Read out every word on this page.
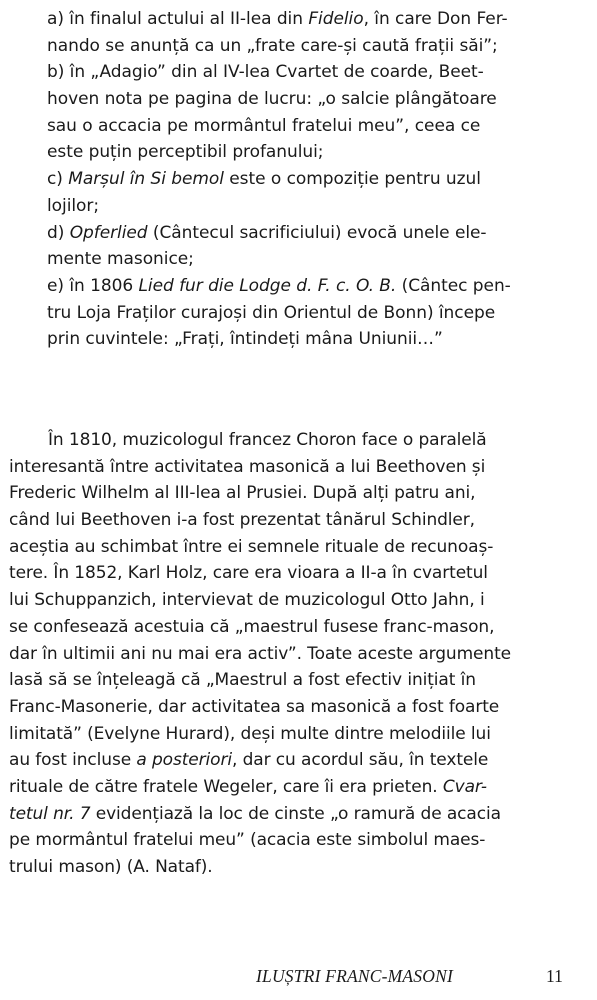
a) în finalul actului al II-lea din Fidelio, în care Don Fer-
nando se anunță ca un „frate care-și caută frații săi”;
b) în „Adagio” din al IV-lea Cvartet de coarde, Beet-
hoven nota pe pagina de lucru: „o salcie plângătoare
sau o accacia pe mormântul fratelui meu”, ceea ce
este puțin perceptibil profanului;
c) Marșul în Si bemol este o compoziție pentru uzul
lojilor;
d) Opferlied (Cântecul sacrificiului) evocă unele ele-
mente masonice;
e) în 1806 Lied fur die Lodge d. F. c. O. B. (Cântec pen-
tru Loja Fraților curajoși din Orientul de Bonn) începe
prin cuvintele: „Frați, întindeți mâna Uniunii…”
În 1810, muzicologul francez Choron face o paralelă
interesantă între activitatea masonică a lui Beethoven și
Frederic Wilhelm al III-lea al Prusiei. După alți patru ani,
când lui Beethoven i-a fost prezentat tânărul Schindler,
aceștia au schimbat între ei semnele rituale de recunoaș-
tere. În 1852, Karl Holz, care era vioara a II-a în cvartetul
lui Schuppanzich, intervievat de muzicologul Otto Jahn, i
se confesează acestuia că „maestrul fusese franc-mason,
dar în ultimii ani nu mai era activ”. Toate aceste argumente
lasă să se înțeleagă că „Maestrul a fost efectiv inițiat în
Franc-Masonerie, dar activitatea sa masonică a fost foarte
limitată” (Evelyne Hurard), deși multe dintre melodiile lui
au fost incluse a posteriori, dar cu acordul său, în textele
rituale de către fratele Wegeler, care îi era prieten. Cvar-
tetul nr. 7 evidențiază la loc de cinste „o ramură de acacia
pe mormântul fratelui meu” (acacia este simbolul maes-
trului mason) (A. Nataf).
ILUȘTRI FRANC-MASONI	11
